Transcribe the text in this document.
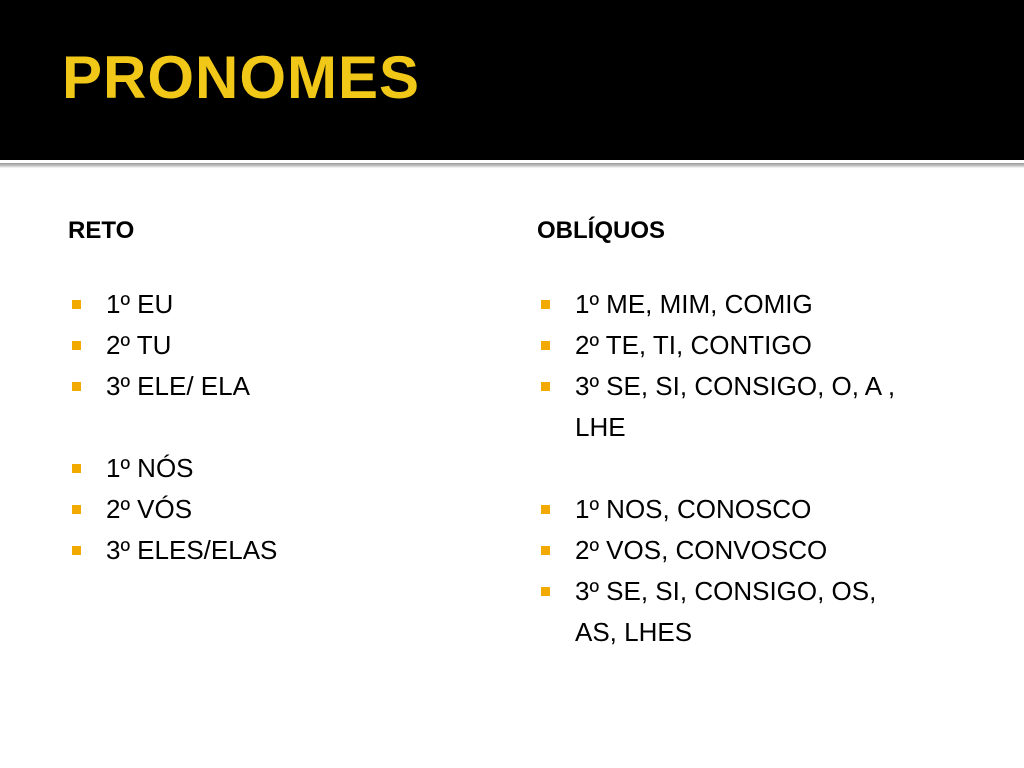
PRONOMES
RETO	OBLÍQUOS
1º EU
2º TU
3º ELE/ ELA
1º NÓS
2º VÓS
3º ELES/ELAS
1º ME, MIM, COMIG
2º TE, TI, CONTIGO
3º SE, SI, CONSIGO, O, A , LHE
1º NOS, CONOSCO
2º VOS, CONVOSCO
3º SE, SI, CONSIGO, OS, AS, LHES
